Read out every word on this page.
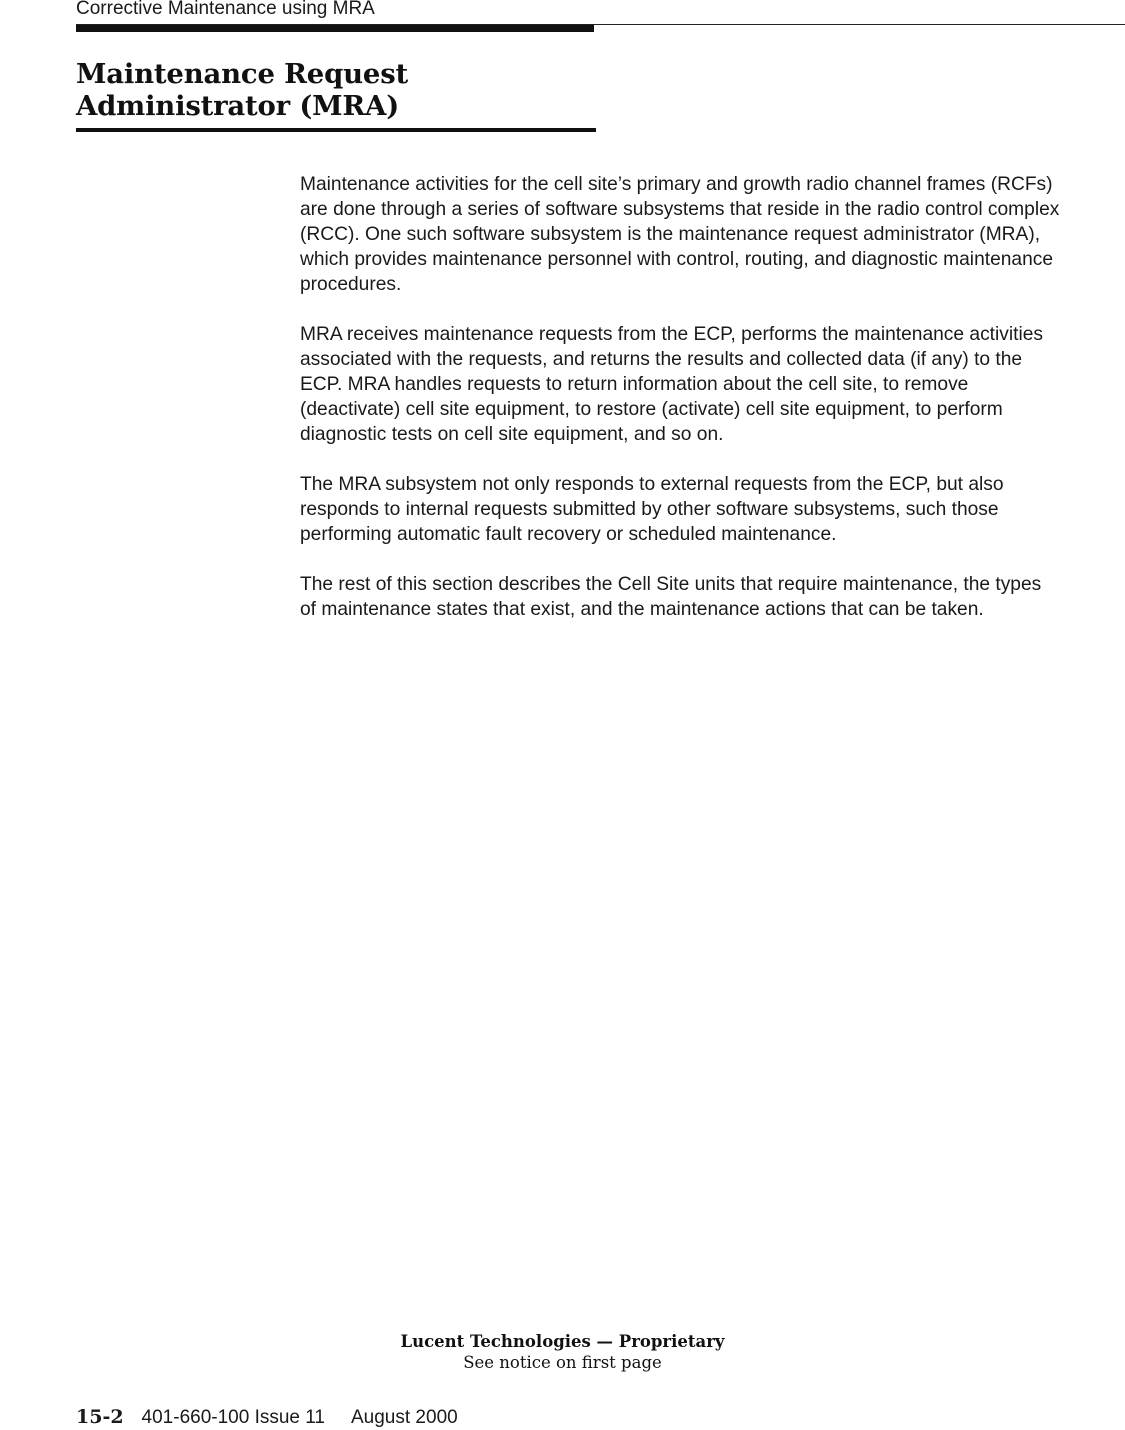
Corrective Maintenance using MRA
Maintenance Request Administrator (MRA)

Maintenance activities for the cell site’s primary and growth radio channel frames (RCFs) are done through a series of software subsystems that reside in the radio control complex (RCC). One such software subsystem is the maintenance request administrator (MRA), which provides maintenance personnel with control, routing, and diagnostic maintenance procedures.

MRA receives maintenance requests from the ECP, performs the maintenance activities associated with the requests, and returns the results and collected data (if any) to the ECP. MRA handles requests to return information about the cell site, to remove (deactivate) cell site equipment, to restore (activate) cell site equipment, to perform diagnostic tests on cell site equipment, and so on.

The MRA subsystem not only responds to external requests from the ECP, but also responds to internal requests submitted by other software subsystems, such those performing automatic fault recovery or scheduled maintenance.

The rest of this section describes the Cell Site units that require maintenance, the types of maintenance states that exist, and the maintenance actions that can be taken.

Lucent Technologies — Proprietary
See notice on first page
15-2 401-660-100 Issue 11 August 2000
